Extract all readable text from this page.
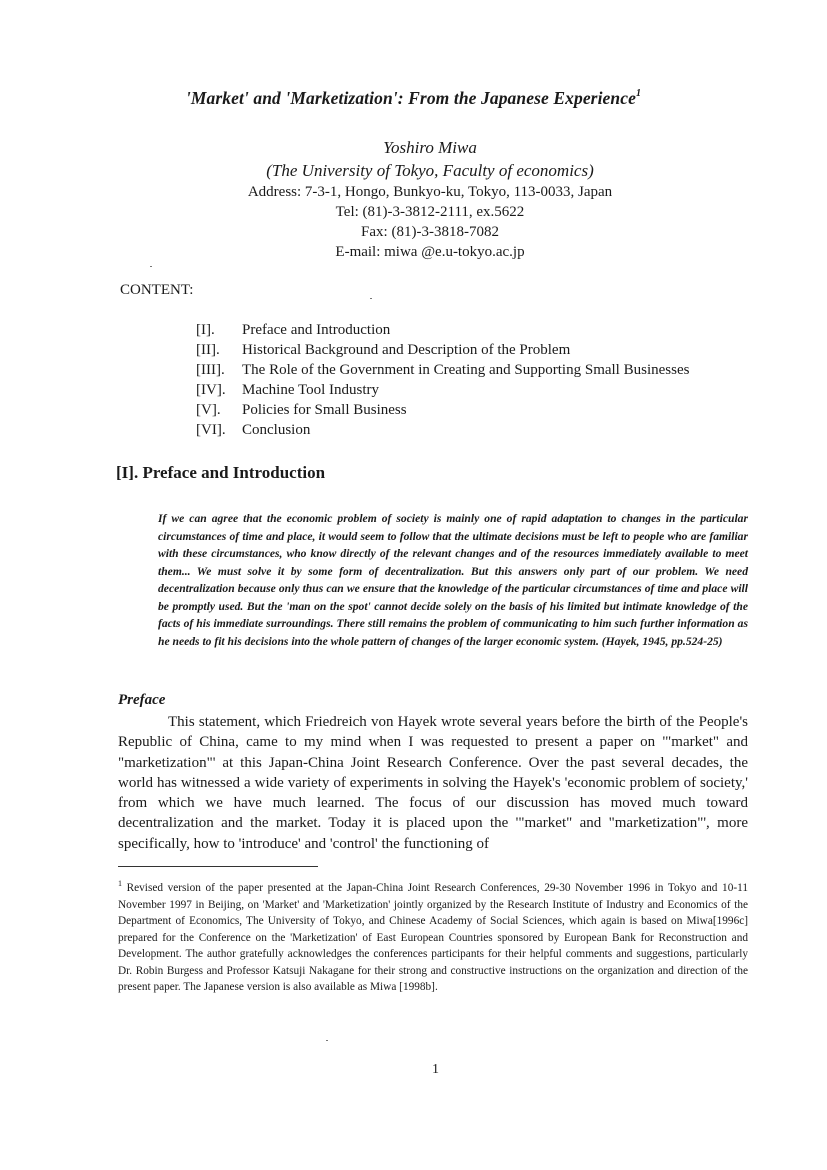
'Market' and 'Marketization': From the Japanese Experience$^1$
Yoshiro Miwa
(The University of Tokyo, Faculty of economics)
Address: 7-3-1, Hongo, Bunkyo-ku, Tokyo, 113-0033, Japan
Tel: (81)-3-3812-2111, ex.5622
Fax: (81)-3-3818-7082
E-mail: miwa @e.u-tokyo.ac.jp
CONTENT:
[I].	Preface and Introduction
[II].	Historical Background and Description of the Problem
[III].	The Role of the Government in Creating and Supporting Small Businesses
[IV].	Machine Tool Industry
[V].	Policies for Small Business
[VI].	Conclusion
[I]. Preface and Introduction
If we can agree that the economic problem of society is mainly one of rapid adaptation to changes in the particular circumstances of time and place, it would seem to follow that the ultimate decisions must be left to people who are familiar with these circumstances, who know directly of the relevant changes and of the resources immediately available to meet them... We must solve it by some form of decentralization. But this answers only part of our problem. We need decentralization because only thus can we ensure that the knowledge of the particular circumstances of time and place will be promptly used. But the 'man on the spot' cannot decide solely on the basis of his limited but intimate knowledge of the facts of his immediate surroundings. There still remains the problem of communicating to him such further information as he needs to fit his decisions into the whole pattern of changes of the larger economic system. (Hayek, 1945, pp.524-25)
Preface
This statement, which Friedreich von Hayek wrote several years before the birth of the People's Republic of China, came to my mind when I was requested to present a paper on '"market" and "marketization"' at this Japan-China Joint Research Conference. Over the past several decades, the world has witnessed a wide variety of experiments in solving the Hayek's 'economic problem of society,' from which we have much learned. The focus of our discussion has moved much toward decentralization and the market. Today it is placed upon the '"market" and "marketization"', more specifically, how to 'introduce' and 'control' the functioning of
$^1$ Revised version of the paper presented at the Japan-China Joint Research Conferences, 29-30 November 1996 in Tokyo and 10-11 November 1997 in Beijing, on 'Market' and 'Marketization' jointly organized by the Research Institute of Industry and Economics of the Department of Economics, The University of Tokyo, and Chinese Academy of Social Sciences, which again is based on Miwa[1996c] prepared for the Conference on the 'Marketization' of East European Countries sponsored by European Bank for Reconstruction and Development. The author gratefully acknowledges the conferences participants for their helpful comments and suggestions, particularly Dr. Robin Burgess and Professor Katsuji Nakagane for their strong and constructive instructions on the organization and direction of the present paper. The Japanese version is also available as Miwa [1998b].
1
